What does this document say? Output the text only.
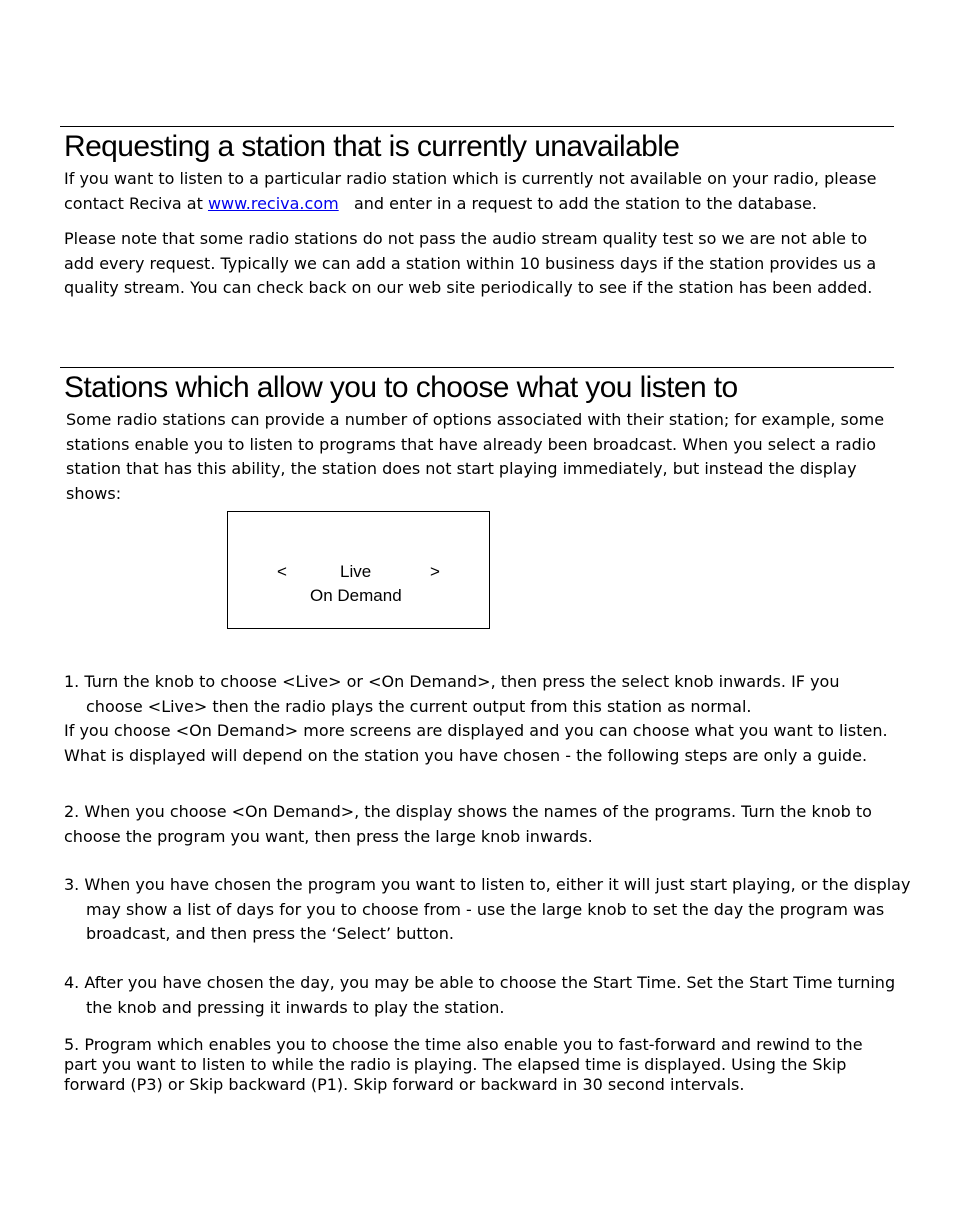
Requesting a station that is currently unavailable

If you want to listen to a particular radio station which is currently not available on your radio, please contact Reciva at www.reciva.com   and enter in a request to add the station to the database.

Please note that some radio stations do not pass the audio stream quality test so we are not able to add every request. Typically we can add a station within 10 business days if the station provides us a quality stream. You can check back on our web site periodically to see if the station has been added.

Stations which allow you to choose what you listen to

Some radio stations can provide a number of options associated with their station; for example, some stations enable you to listen to programs that have already been broadcast. When you select a radio station that has this ability, the station does not start playing immediately, but instead the display shows:

<	Live	>
On Demand

1. Turn the knob to choose <Live> or <On Demand>, then press the select knob inwards. IF you choose <Live> then the radio plays the current output from this station as normal.

If you choose <On Demand> more screens are displayed and you can choose what you want to listen. What is displayed will depend on the station you have chosen - the following steps are only a guide.

2. When you choose <On Demand>, the display shows the names of the programs. Turn the knob to choose the program you want, then press the large knob inwards.

3. When you have chosen the program you want to listen to, either it will just start playing, or the display may show a list of days for you to choose from - use the large knob to set the day the program was broadcast, and then press the ‘Select’ button.

4. After you have chosen the day, you may be able to choose the Start Time. Set the Start Time turning the knob and pressing it inwards to play the station.

5. Program which enables you to choose the time also enable you to fast-forward and rewind to the part you want to listen to while the radio is playing. The elapsed time is displayed. Using the Skip forward (P3) or Skip backward (P1). Skip forward or backward in 30 second intervals.
